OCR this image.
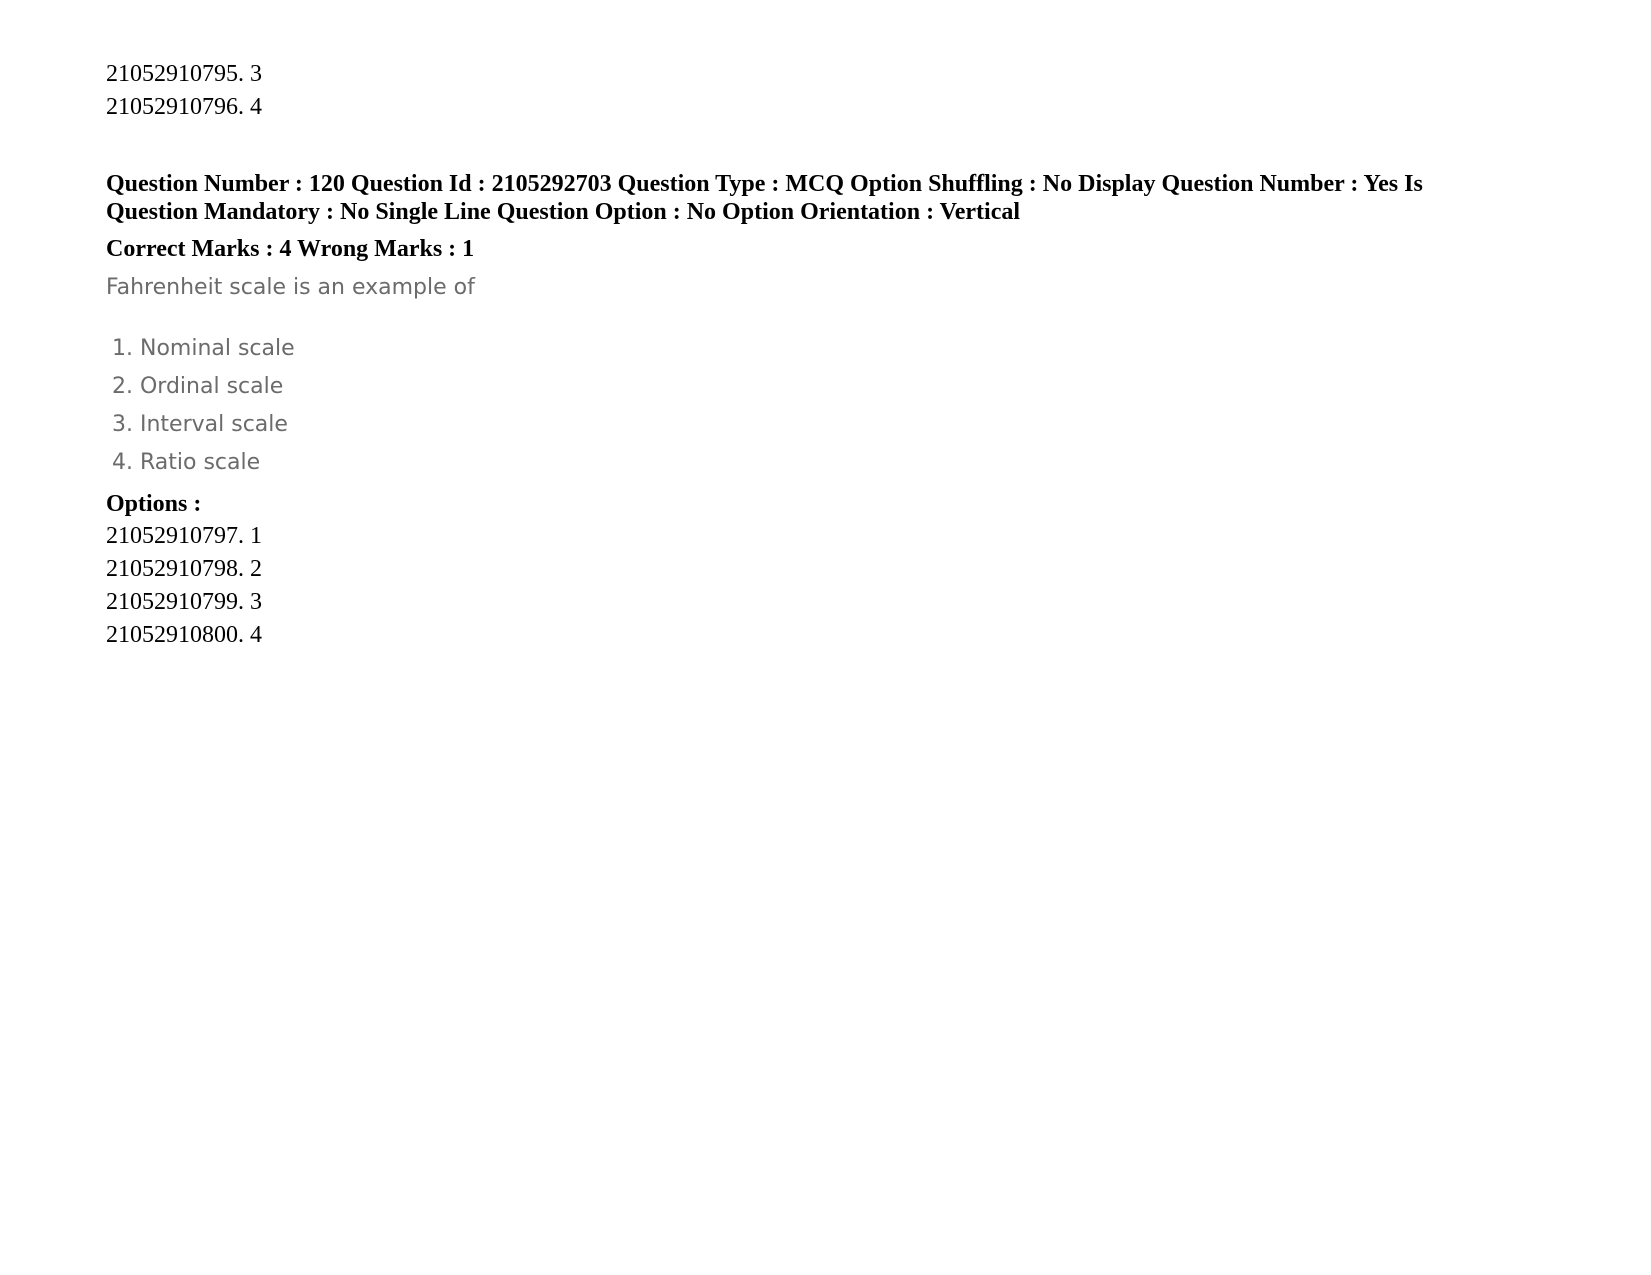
21052910795. 3

21052910796. 4

Question Number : 120 Question Id : 2105292703 Question Type : MCQ Option Shuffling : No Display Question Number : Yes Is
Question Mandatory : No Single Line Question Option : No Option Orientation : Vertical
Correct Marks : 4 Wrong Marks : 1
Fahrenheit scale is an example of
1. Nominal scale
2. Ordinal scale
3. Interval scale
4. Ratio scale
Options :

21052910797. 1

21052910798. 2

21052910799. 3

21052910800. 4
